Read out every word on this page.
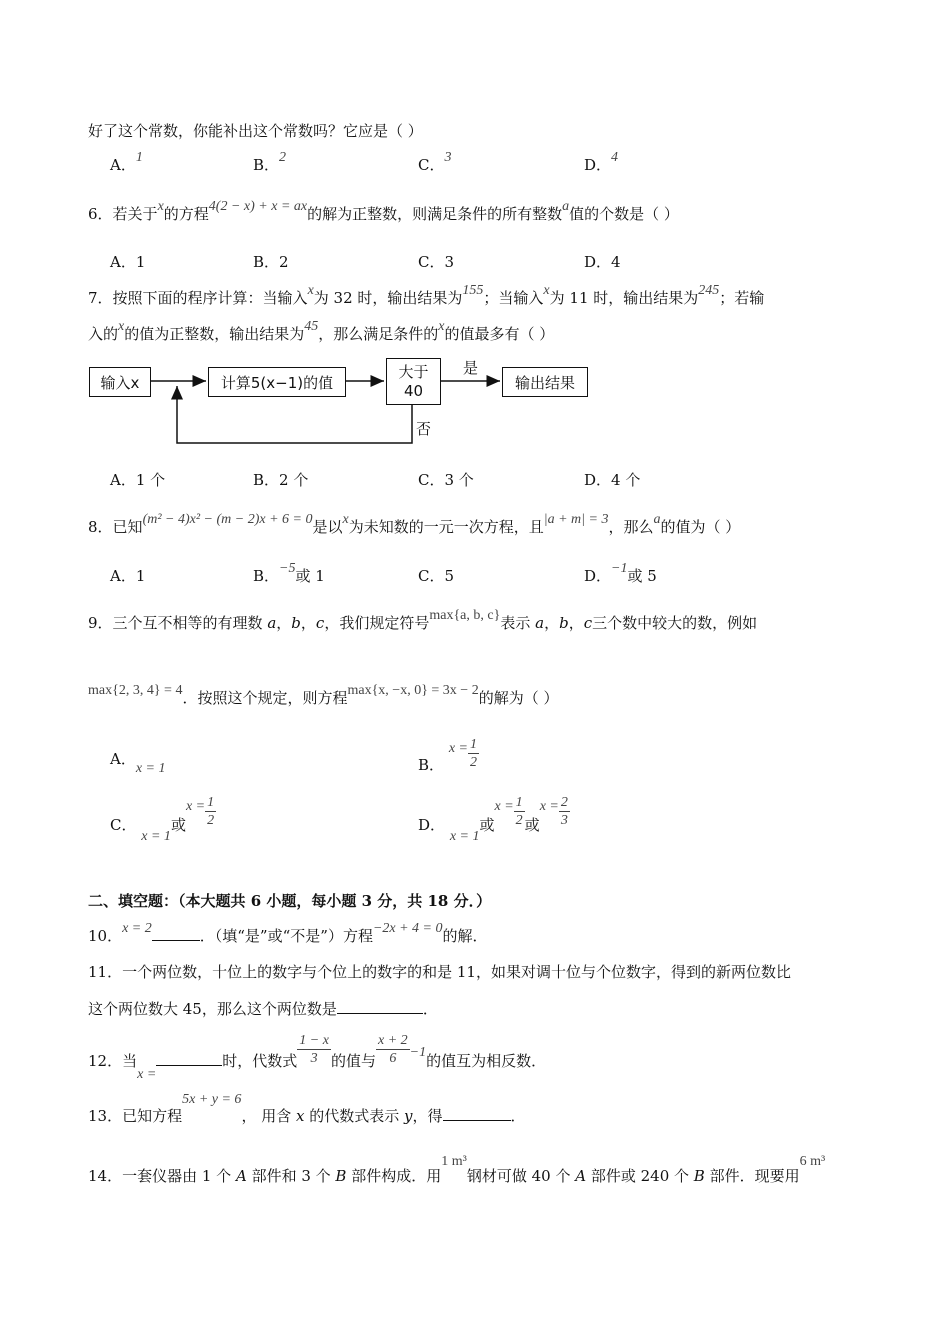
好了这个常数，你能补出这个常数吗？它应是（ ）
A．1	B．2	C．3	D．4
6．若关于x的方程4(2 − x) + x = ax的解为正整数，则满足条件的所有整数a值的个数是（ ）
A．1	B．2	C．3	D．4
7．按照下面的程序计算：当输入x为 32 时，输出结果为155；当输入x为 11 时，输出结果为245；若输
入的x的值为正整数，输出结果为45，那么满足条件的x的值最多有（ ）
输入x	计算5(x−1)的值
大于
40	输出结果
是
否
A．1 个	B．2 个	C．3 个	D．4 个
8．已知(m² − 4)x² − (m − 2)x + 6 = 0是以x为未知数的一元一次方程，且|a + m| = 3，那么a的值为（ ）
A．1	B．−5或 1	C．5	D．−1或 5
9．三个互不相等的有理数 a，b，c，我们规定符号max{a, b, c}表示 a，b，c三个数中较大的数，例如
max{2, 3, 4} = 4．按照这个规定，则方程max{x, −x, 0} = 3x − 2的解为（ ）
A．x = 1	B． $x = \frac{1}{2}$
C． x = 1或$x = \frac{1}{2}$	D． x = 1或$x = \frac{1}{2}$ 或$x = \frac{2}{3}$
二、填空题：（本大题共 6 小题，每小题 3 分，共 18 分．）
10．x = 2	．（填“是”或“不是”）方程−2x + 4 = 0的解．
11．一个两位数，十位上的数字与个位上的数字的和是 11，如果对调十位与个位数字，得到的新两位数比
这个两位数大 45，那么这个两位数是	．
12．当x =时，代数式 $\frac{1 - x}{3}$ 的值与 $\frac{x + 2}{6} -1$的值互为相反数．
13．已知方程5x + y = 6， 用含 x 的代数式表示 y，得	．
14．一套仪器由 1 个 A 部件和 3 个 B 部件构成．用1 m³钢材可做 40 个 A 部件或 240 个 B 部件．现要用6 m³
